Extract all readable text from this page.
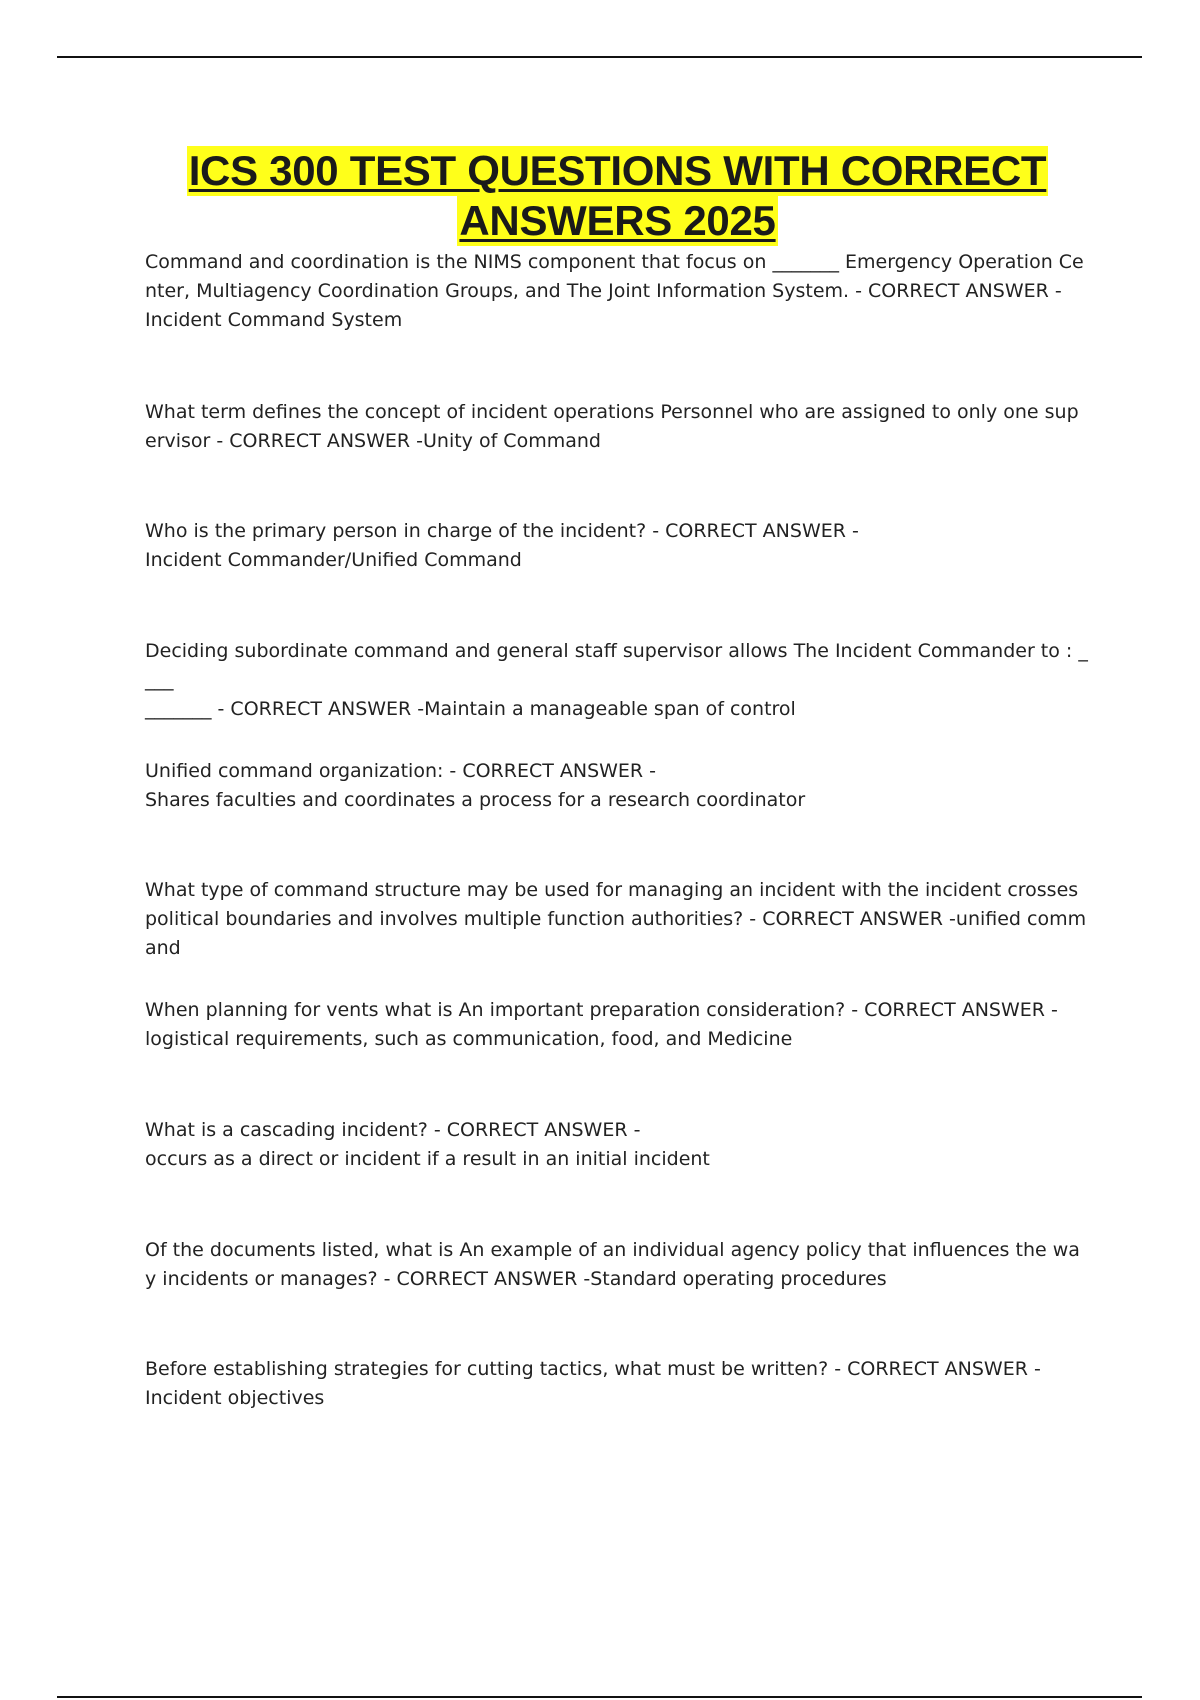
ICS 300 TEST QUESTIONS WITH CORRECT
ANSWERS 2025
Command and coordination is the NIMS component that focus on _______ Emergency Operation Center, Multiagency Coordination Groups, and The Joint Information System. - CORRECT ANSWER -
Incident Command System
What term defines the concept of incident operations Personnel who are assigned to only one supervisor - CORRECT ANSWER -Unity of Command
Who is the primary person in charge of the incident? - CORRECT ANSWER -
Incident Commander/Unified Command
Deciding subordinate command and general staff supervisor allows The Incident Commander to : ____
_______ - CORRECT ANSWER -Maintain a manageable span of control
Unified command organization: - CORRECT ANSWER -
Shares faculties and coordinates a process for a research coordinator
What type of command structure may be used for managing an incident with the incident crosses political boundaries and involves multiple function authorities? - CORRECT ANSWER -unified command
When planning for vents what is An important preparation consideration? - CORRECT ANSWER -
logistical requirements, such as communication, food, and Medicine
What is a cascading incident? - CORRECT ANSWER -
occurs as a direct or incident if a result in an initial incident
Of the documents listed, what is An example of an individual agency policy that influences the way incidents or manages? - CORRECT ANSWER -Standard operating procedures
Before establishing strategies for cutting tactics, what must be written? - CORRECT ANSWER -
Incident objectives
